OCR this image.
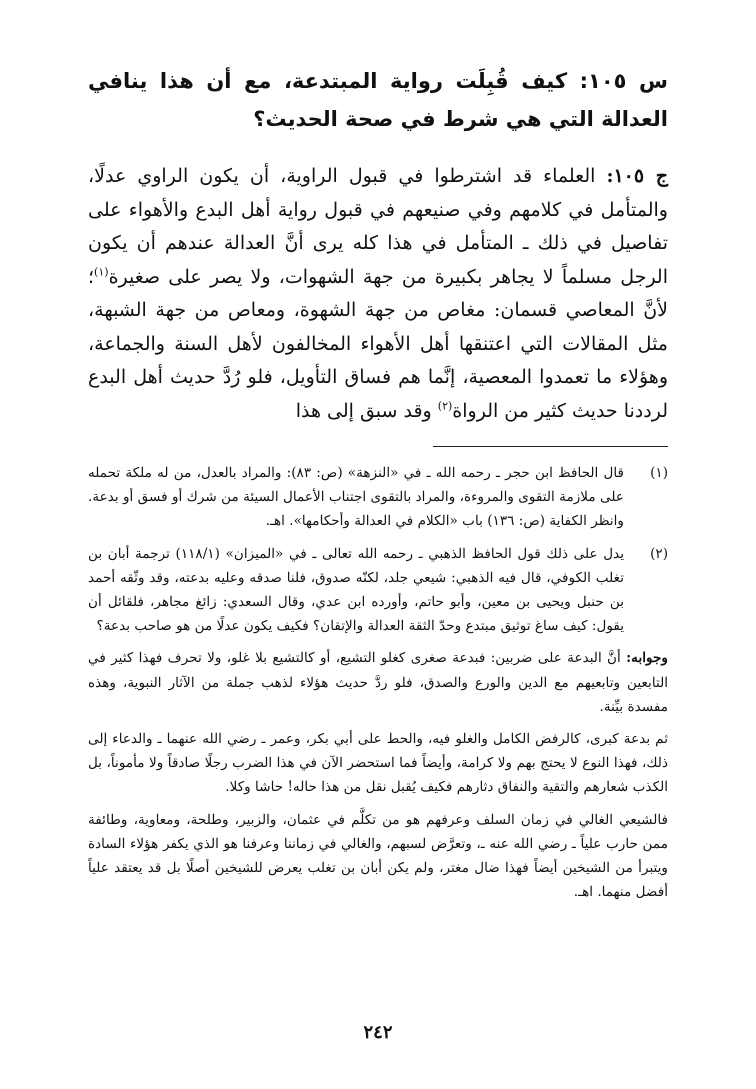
س ١٠٥: كيف قُبِلَت رواية المبتدعة، مع أن هذا ينافي العدالة التي هي شرط في صحة الحديث؟

ج ١٠٥: العلماء قد اشترطوا في قبول الراوية، أن يكون الراوي عدلًا، والمتأمل في كلامهم وفي صنيعهم في قبول رواية أهل البدع والأهواء على تفاصيل في ذلك ـ المتأمل في هذا كله يرى أنَّ العدالة عندهم أن يكون الرجل مسلماً لا يجاهر بكبيرة من جهة الشهوات، ولا يصر على صغيرة$^{(١)}$؛ لأنَّ المعاصي قسمان: مغاص من جهة الشهوة، ومعاص من جهة الشبهة، مثل المقالات التي اعتنقها أهل الأهواء المخالفون لأهل السنة والجماعة، وهؤلاء ما تعمدوا المعصية، إنَّما هم فساق التأويل، فلو رُدَّ حديث أهل البدع لرددنا حديث كثير من الرواة$^{(٢)}$ وقد سبق إلى هذا

(١)

قال الحافظ ابن حجر ـ رحمه الله ـ في «النزهة» (ص: ٨٣): والمراد بالعدل، من له ملكة تحمله على ملازمة التقوى والمروءة، والمراد بالتقوى اجتناب الأعمال السيئة من شرك أو فسق أو بدعة. وانظر الكفاية (ص: ١٣٦) باب «الكلام في العدالة وأحكامها». اهـ.

(٢)

يدل على ذلك قول الحافظ الذهبي ـ رحمه الله تعالى ـ في «الميزان» (١١٨/١) ترجمة أبان بن تغلب الكوفي، قال فيه الذهبي: شيعي جلد، لكنّه صدوق، فلنا صدقه وعليه بدعته، وقد وثّقه أحمد بن حنبل ويحيى بن معين، وأبو حاتم، وأورده ابن عدي، وقال السعدي: زائغ مجاهر، فلقائل أن يقول: كيف ساغ توثيق مبتدع وحدّ الثقة العدالة والإتقان؟ فكيف يكون عدلًا من هو صاحب بدعة؟

وجوابه: أنَّ البدعة على ضربين: فبدعة صغرى كغلو التشيع، أو كالتشيع بلا غلو، ولا تحرف فهذا كثير في التابعين وتابعيهم مع الدين والورع والصدق، فلو ردَّ حديث هؤلاء لذهب جملة من الآثار النبوية، وهذه مفسدة بيِّنة.

ثم بدعة كبرى، كالرفض الكامل والغلو فيه، والحط على أبي بكر، وعمر ـ رضي الله عنهما ـ والدعاء إلى ذلك، فهذا النوع لا يحتج بهم ولا كرامة، وأيضاً فما استحضر الآن في هذا الضرب رجلًا صادقاً ولا مأموناً، بل الكذب شعارهم والتقية والنفاق دثارهم فكيف يُقبل نقل من هذا حاله! حاشا وكلا.

فالشيعي الغالي في زمان السلف وعرفهم هو من تكلَّم في عثمان، والزبير، وطلحة، ومعاوية، وطائفة ممن حارب علياً ـ رضي الله عنه ـ، وتعرَّض لسبهم، والغالي في زماننا وعرفنا هو الذي يكفر هؤلاء السادة ويتبرأ من الشيخين أيضاً فهذا ضال مغتر، ولم يكن أبان بن تغلب يعرض للشيخين أصلًا بل قد يعتقد علياً أفضل منهما. اهـ.

٢٤٢
